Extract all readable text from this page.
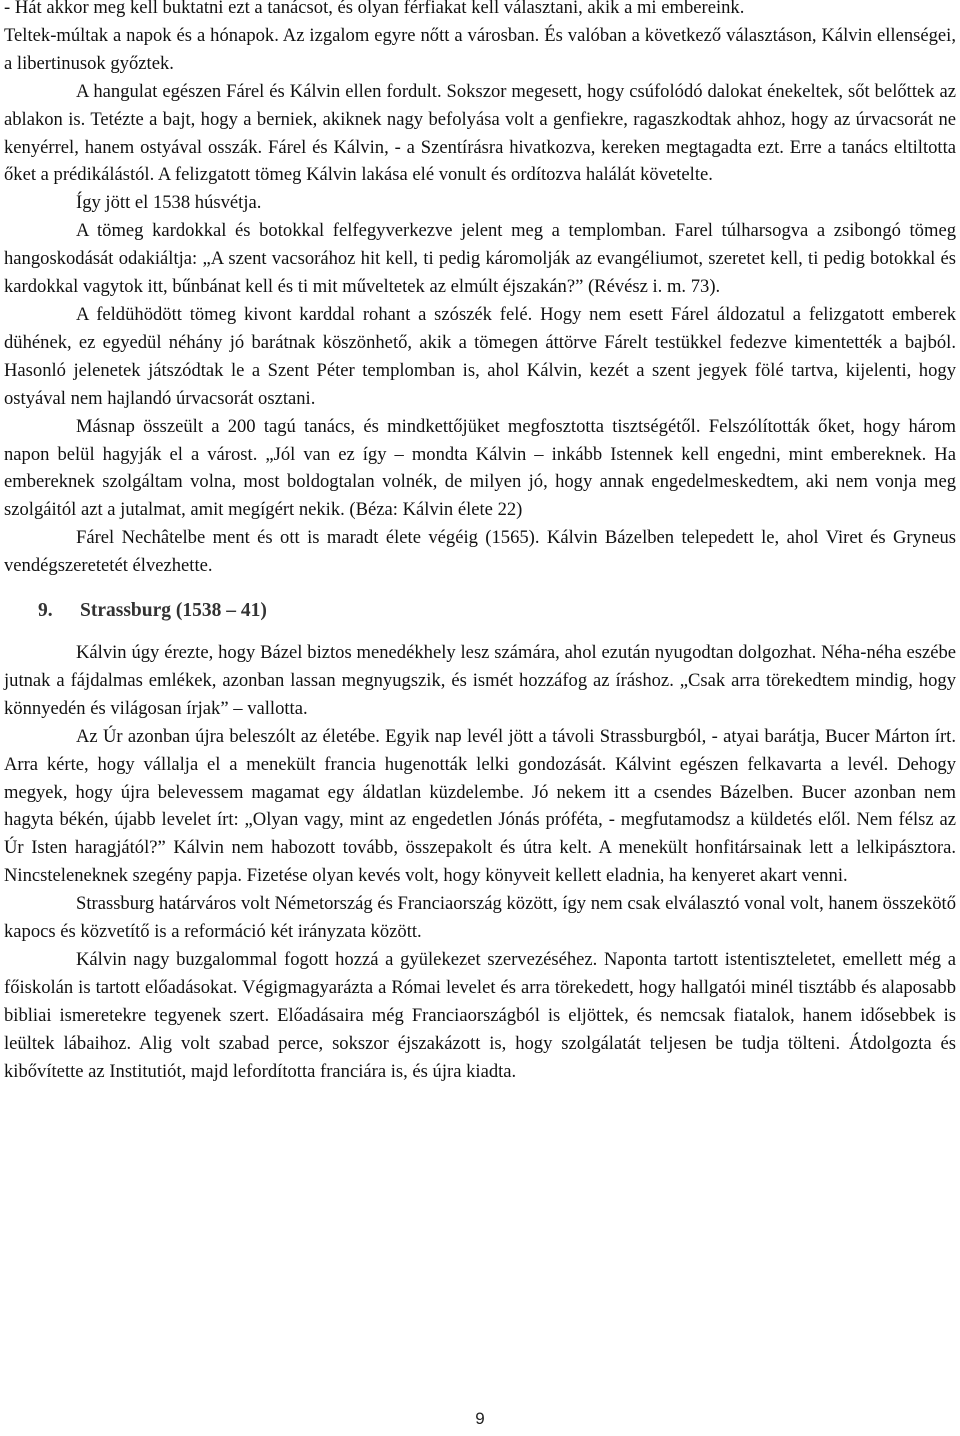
- Hát akkor meg kell buktatni ezt a tanácsot, és olyan férfiakat kell választani, akik a mi embereink.

Teltek-múltak a napok és a hónapok. Az izgalom egyre nőtt a városban. És valóban a következő választáson, Kálvin ellenségei, a libertinusok győztek.

A hangulat egészen Fárel és Kálvin ellen fordult. Sokszor megesett, hogy csúfolódó dalokat énekeltek, sőt belőttek az ablakon is. Tetézte a bajt, hogy a berniek, akiknek nagy befolyása volt a genfiekre, ragaszkodtak ahhoz, hogy az úrvacsorát ne kenyérrel, hanem ostyával osszák. Fárel és Kálvin, - a Szentírásra hivatkozva, kereken megtagadta ezt. Erre a tanács eltiltotta őket a prédikálástól. A felizgatott tömeg Kálvin lakása elé vonult és ordítozva halálát követelte.

Így jött el 1538 húsvétja.

A tömeg kardokkal és botokkal felfegyverkezve jelent meg a templomban. Farel túlharsogva a zsibongó tömeg hangoskodását odakiáltja: „A szent vacsorához hit kell, ti pedig káromolják az evangéliumot, szeretet kell, ti pedig botokkal és kardokkal vagytok itt, bűnbánat kell és ti mit műveltetek az elmúlt éjszakán?” (Révész i. m. 73).

A feldühödött tömeg kivont karddal rohant a szószék felé. Hogy nem esett Fárel áldozatul a felizgatott emberek dühének, ez egyedül néhány jó barátnak köszönhető, akik a tömegen áttörve Fárelt testükkel fedezve kimentették a bajból. Hasonló jelenetek játszódtak le a Szent Péter templomban is, ahol Kálvin, kezét a szent jegyek fölé tartva, kijelenti, hogy ostyával nem hajlandó úrvacsorát osztani.

Másnap összeült a 200 tagú tanács, és mindkettőjüket megfosztotta tisztségétől. Felszólították őket, hogy három napon belül hagyják el a várost. „Jól van ez így – mondta Kálvin – inkább Istennek kell engedni, mint embereknek. Ha embereknek szolgáltam volna, most boldogtalan volnék, de milyen jó, hogy annak engedelmeskedtem, aki nem vonja meg szolgáitól azt a jutalmat, amit megígért nekik. (Béza: Kálvin élete 22)

Fárel Nechâtelbe ment és ott is maradt élete végéig (1565). Kálvin Bázelben telepedett le, ahol Viret és Gryneus vendégszeretetét élvezhette.

9. Strassburg (1538 – 41)

Kálvin úgy érezte, hogy Bázel biztos menedékhely lesz számára, ahol ezután nyugodtan dolgozhat. Néha-néha eszébe jutnak a fájdalmas emlékek, azonban lassan megnyugszik, és ismét hozzáfog az íráshoz. „Csak arra törekedtem mindig, hogy könnyedén és világosan írjak” – vallotta.

Az Úr azonban újra beleszólt az életébe. Egyik nap levél jött a távoli Strassburgból, - atyai barátja, Bucer Márton írt. Arra kérte, hogy vállalja el a menekült francia hugenották lelki gondozását. Kálvint egészen felkavarta a levél. Dehogy megyek, hogy újra belevessem magamat egy áldatlan küzdelembe. Jó nekem itt a csendes Bázelben. Bucer azonban nem hagyta békén, újabb levelet írt: „Olyan vagy, mint az engedetlen Jónás próféta, - megfutamodsz a küldetés elől. Nem félsz az Úr Isten haragjától?” Kálvin nem habozott tovább, összepakolt és útra kelt. A menekült honfitársainak lett a lelkipásztora. Nincsteleneknek szegény papja. Fizetése olyan kevés volt, hogy könyveit kellett eladnia, ha kenyeret akart venni.

Strassburg határváros volt Németország és Franciaország között, így nem csak elválasztó vonal volt, hanem összekötő kapocs és közvetítő is a reformáció két irányzata között.

Kálvin nagy buzgalommal fogott hozzá a gyülekezet szervezéséhez. Naponta tartott istentiszteletet, emellett még a főiskolán is tartott előadásokat. Végigmagyarázta a Római levelet és arra törekedett, hogy hallgatói minél tisztább és alaposabb bibliai ismeretekre tegyenek szert. Előadásaira még Franciaországból is eljöttek, és nemcsak fiatalok, hanem idősebbek is leültek lábaihoz. Alig volt szabad perce, sokszor éjszakázott is, hogy szolgálatát teljesen be tudja tölteni. Átdolgozta és kibővítette az Institutiót, majd lefordította franciára is, és újra kiadta.

9
